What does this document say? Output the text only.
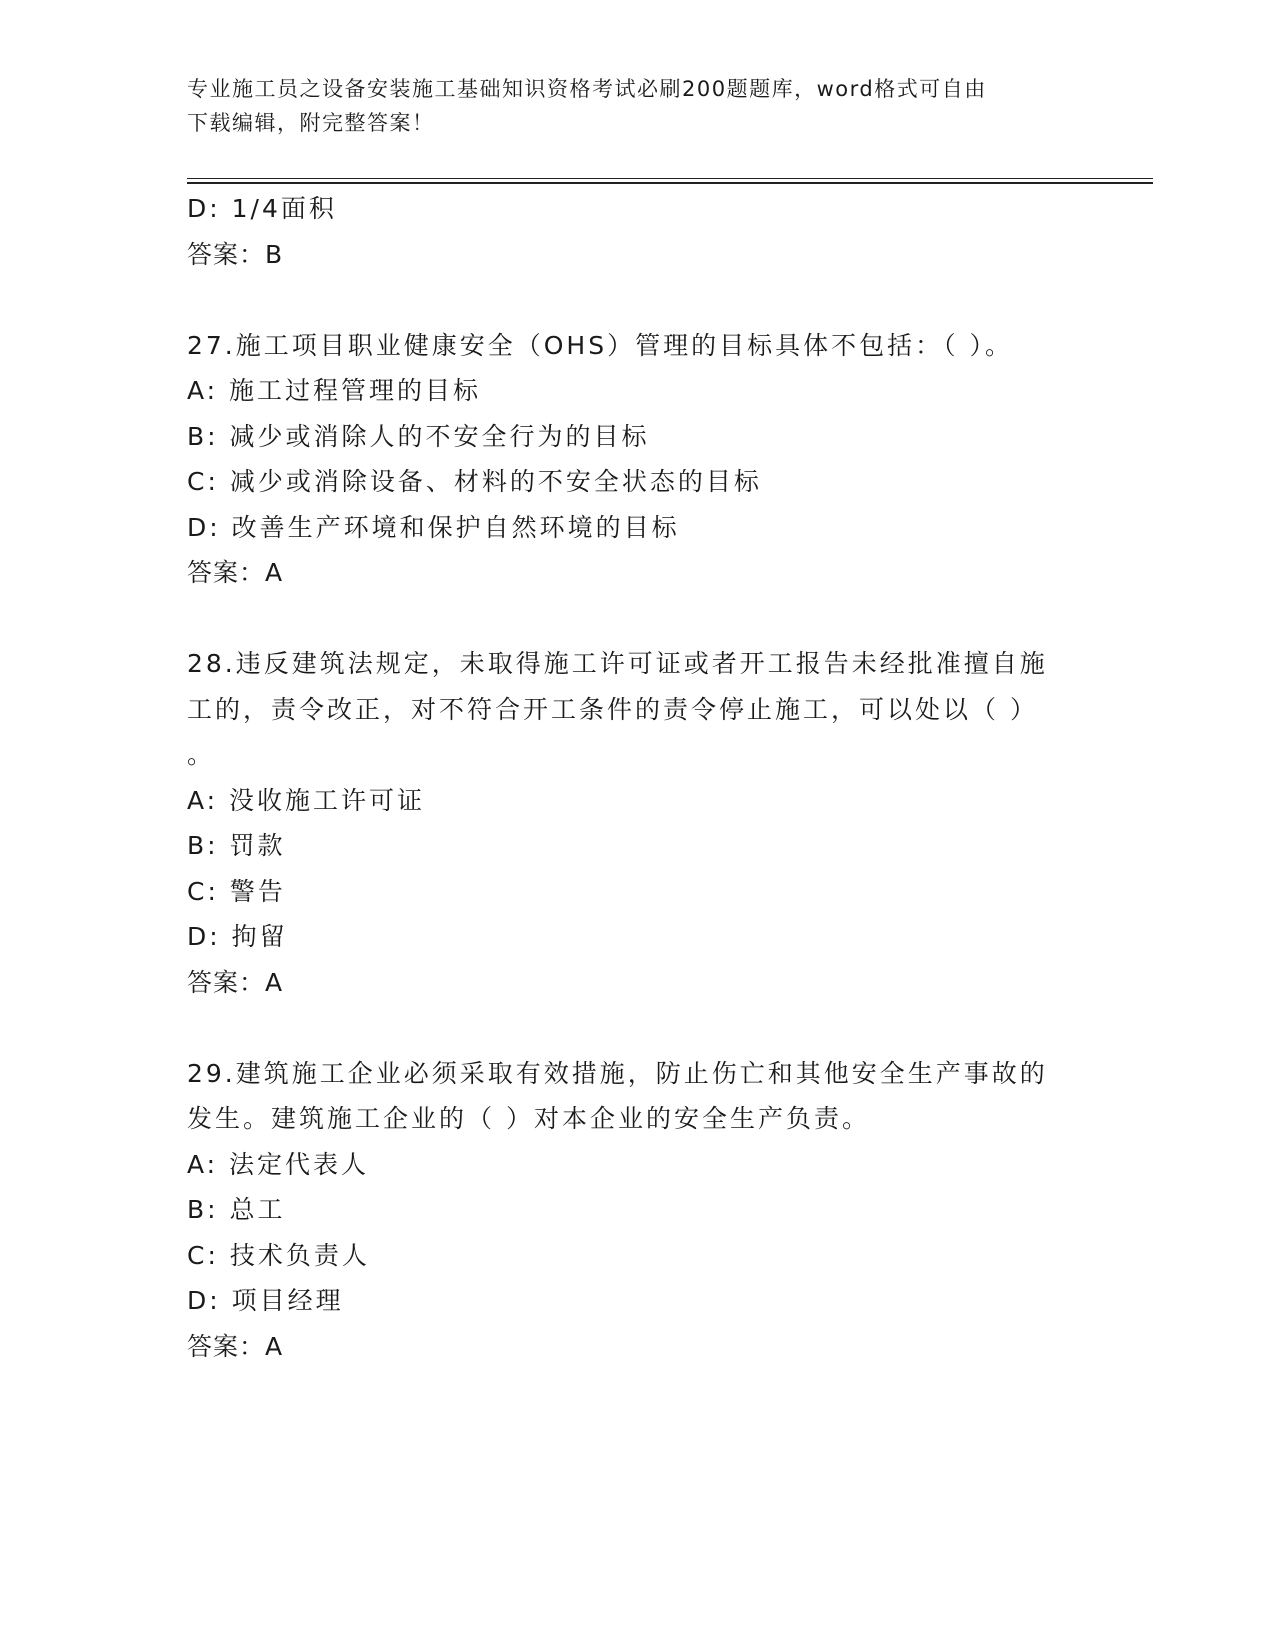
专业施工员之设备安装施工基础知识资格考试必刷200题题库，word格式可自由
下载编辑，附完整答案！
D: 1/4面积
答案：B
27.施工项目职业健康安全（OHS）管理的目标具体不包括：（ ）。
A: 施工过程管理的目标
B: 减少或消除人的不安全行为的目标
C: 减少或消除设备、材料的不安全状态的目标
D: 改善生产环境和保护自然环境的目标
答案：A
28.违反建筑法规定，未取得施工许可证或者开工报告未经批准擅自施
工的，责令改正，对不符合开工条件的责令停止施工，可以处以（ ）
。
A: 没收施工许可证
B: 罚款
C: 警告
D: 拘留
答案：A
29.建筑施工企业必须采取有效措施，防止伤亡和其他安全生产事故的
发生。建筑施工企业的（ ）对本企业的安全生产负责。
A: 法定代表人
B: 总工
C: 技术负责人
D: 项目经理
答案：A
